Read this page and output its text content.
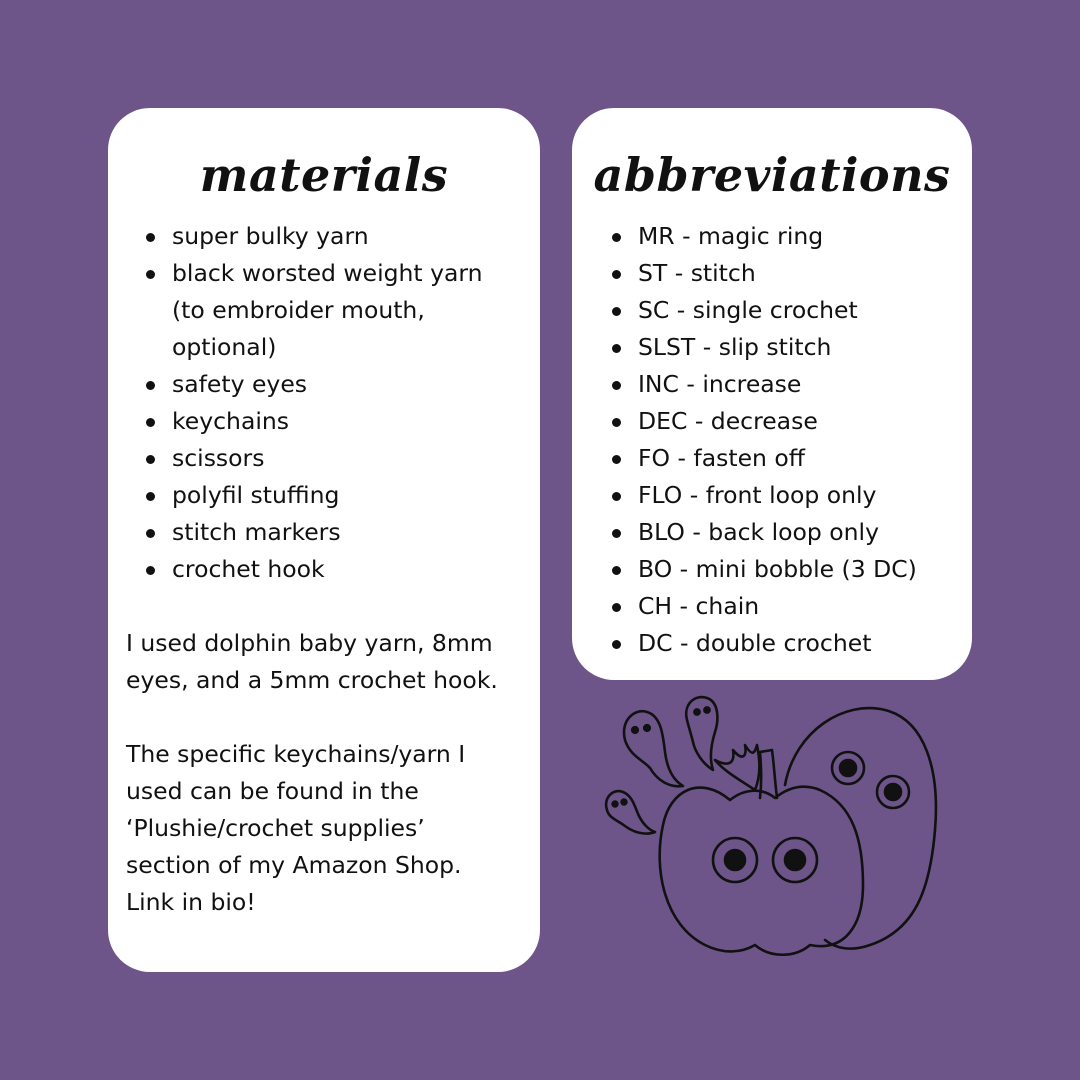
materials
super bulky yarn
black worsted weight yarn (to embroider mouth, optional)
safety eyes
keychains
scissors
polyfil stuffing
stitch markers
crochet hook

I used dolphin baby yarn, 8mm eyes, and a 5mm crochet hook.

The specific keychains/yarn I used can be found in the ‘Plushie/crochet supplies’ section of my Amazon Shop. Link in bio!

abbreviations
MR - magic ring
ST - stitch
SC - single crochet
SLST - slip stitch
INC - increase
DEC - decrease
FO - fasten off
FLO - front loop only
BLO - back loop only
BO - mini bobble (3 DC)
CH - chain
DC - double crochet
